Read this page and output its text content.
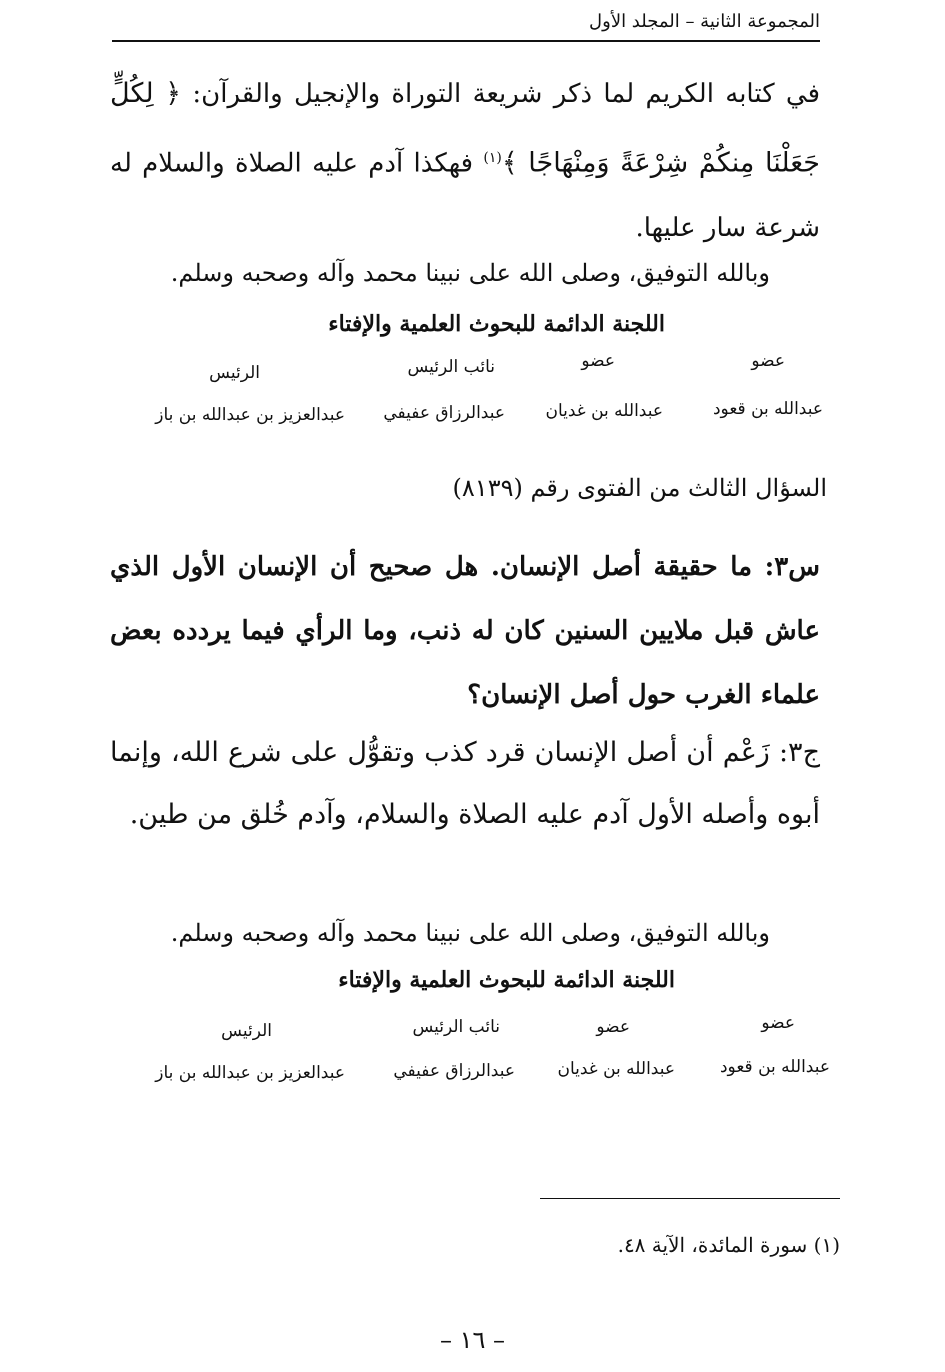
المجموعة الثانية – المجلد الأول
في كتابه الكريم لما ذكر شريعة التوراة والإنجيل والقرآن: ﴿ لِكُلٍّ جَعَلْنَا مِنكُمْ شِرْعَةً وَمِنْهَاجًا ﴾$^{(١)}$ فهكذا آدم عليه الصلاة والسلام له شرعة سار عليها.
وبالله التوفيق، وصلى الله على نبينا محمد وآله وصحبه وسلم.
اللجنة الدائمة للبحوث العلمية والإفتاء
عضو
عضو
نائب الرئيس
الرئيس
عبدالله بن قعود
عبدالله بن غديان
عبدالرزاق عفيفي
عبدالعزيز بن عبدالله بن باز
السؤال الثالث من الفتوى رقم (٨١٣٩)
س٣: ما حقيقة أصل الإنسان. هل صحيح أن الإنسان الأول الذي عاش قبل ملايين السنين كان له ذنب، وما الرأي فيما يردده بعض علماء الغرب حول أصل الإنسان؟
ج٣: زَعْم أن أصل الإنسان قرد كذب وتقوُّل على شرع الله، وإنما أبوه وأصله الأول آدم عليه الصلاة والسلام، وآدم خُلق من طين.
وبالله التوفيق، وصلى الله على نبينا محمد وآله وصحبه وسلم.
اللجنة الدائمة للبحوث العلمية والإفتاء
عضو
عضو
نائب الرئيس
الرئيس
عبدالله بن قعود
عبدالله بن غديان
عبدالرزاق عفيفي
عبدالعزيز بن عبدالله بن باز
(١) سورة المائدة، الآية ٤٨.
– ١٦ –
